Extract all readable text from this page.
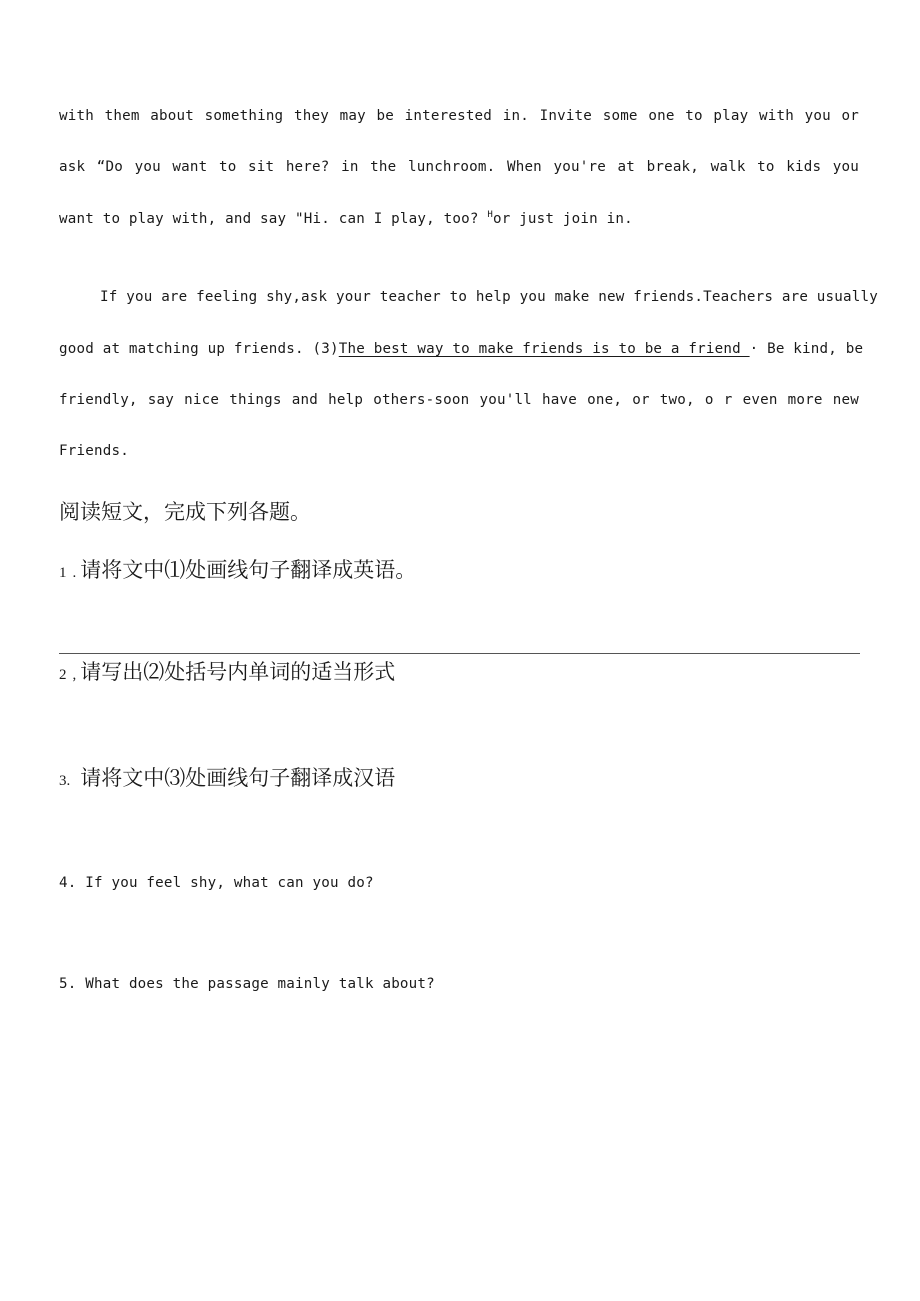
with them about something they may be interested in. Invite some one to play with you or
ask “Do you want to sit here? in the lunchroom. When you're at break, walk to kids you
want to play with, and say "Hi. can I play, too? $^H$or just join in.
If you are feeling shy,ask your teacher to help you make new friends.Teachers are usually
good at matching up friends. (3)The best way to make friends is to be a friend · Be kind, be
friendly, say nice things and help others-soon you'll have one, or two, o r even more new
Friends.
阅读短文，完成下列各题。
1 . 请将文中⑴处画线句子翻译成英语。
2 , 请写出⑵处括号内单词的适当形式
3. 请将文中⑶处画线句子翻译成汉语
4. If you feel shy, what can you do?
5. What does the passage mainly talk about?
